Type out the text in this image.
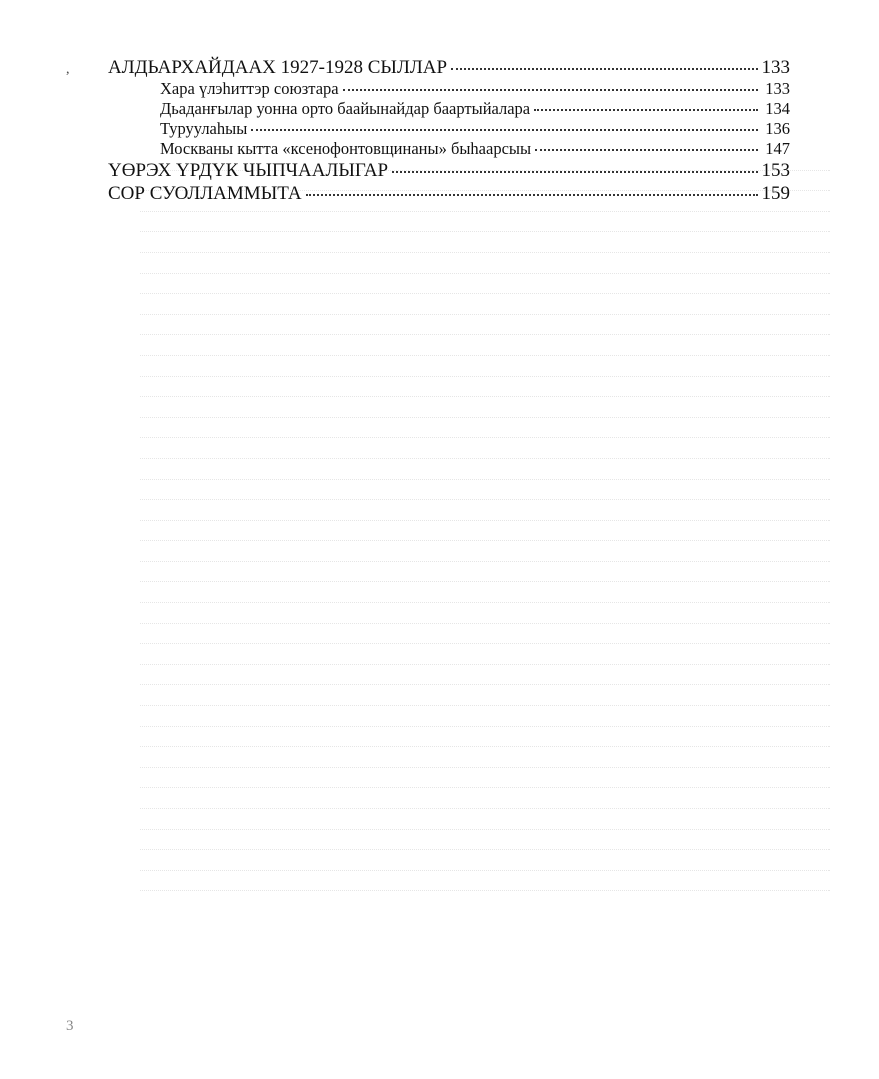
, АЛДЬАРХАЙДААХ 1927-1928 СЫЛЛАР	133
Хара үлэhиттэр союзтара	133
Дьаданғылар уонна орто баайынайдар баартыйалара	134
Туруулаhыы	136
Москваны кытта «ксенофонтовщинаны» быhаарсыы	147
ҮӨРЭХ ҮРДҮК ЧЫПЧААЛЫГАР	153
СОР СУОЛЛАММЫТА	159
3
